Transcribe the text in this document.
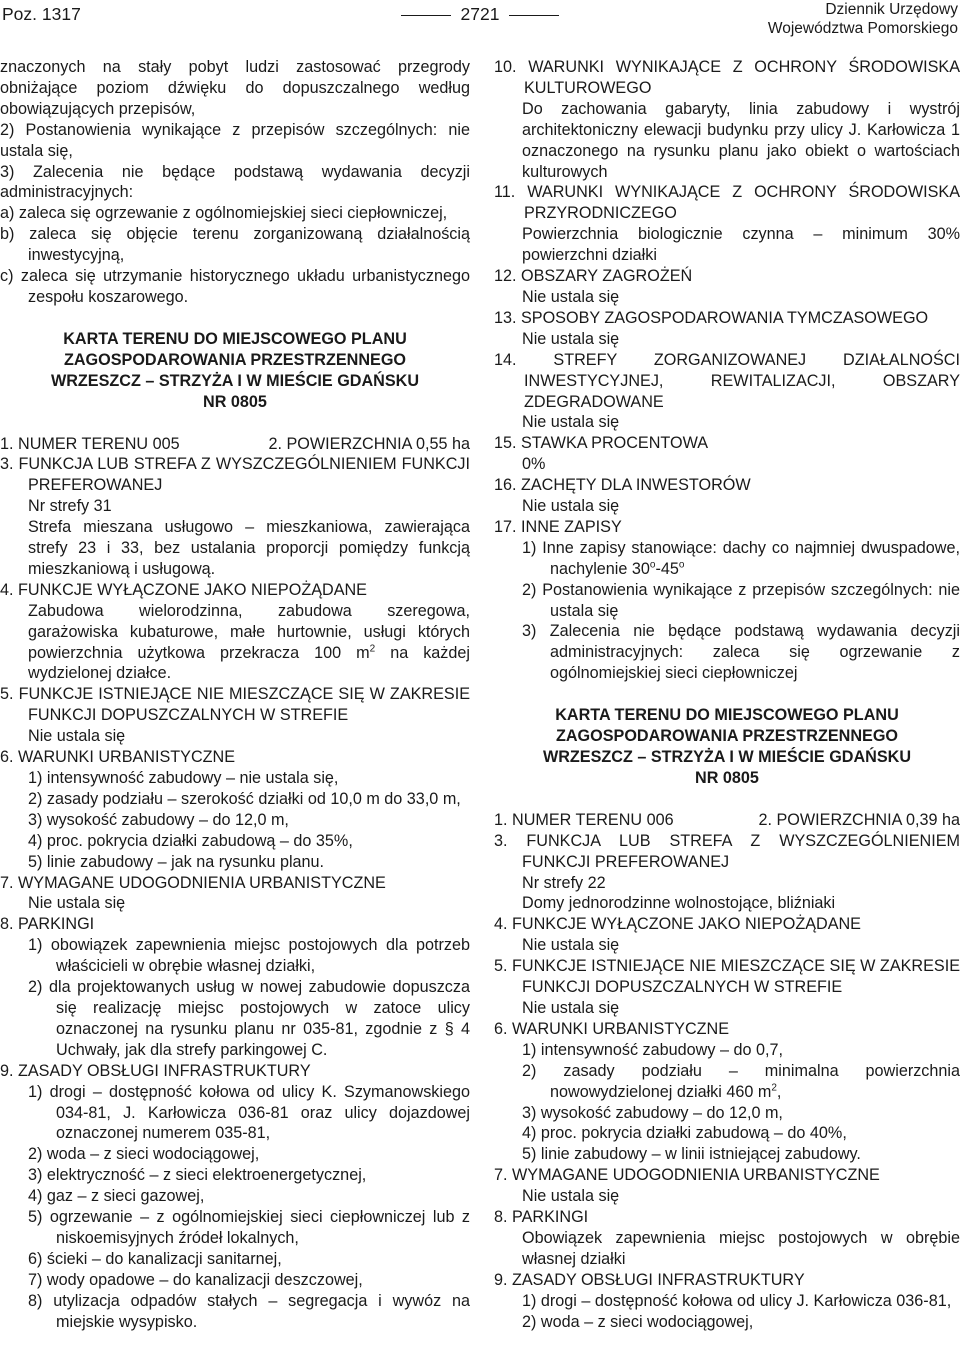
Poz. 1317	2721	Dziennik Urzędowy
Województwa Pomorskiego

znaczonych na stały pobyt ludzi zastosować przegrody obniżające poziom dźwięku do dopuszczalnego według obowiązujących przepisów,

2) Postanowienia wynikające z przepisów szczególnych: nie ustala się,

3) Zalecenia nie będące podstawą wydawania decyzji administracyjnych:

a) zaleca się ogrzewanie z ogólnomiejskiej sieci ciepłowniczej,

b) zaleca się objęcie terenu zorganizowaną działalnością inwestycyjną,

c) zaleca się utrzymanie historycznego układu urbanistycznego zespołu koszarowego.

KARTA TERENU DO MIEJSCOWEGO PLANU

ZAGOSPODAROWANIA PRZESTRZENNEGO

WRZESZCZ – STRZYŻA I W MIEŚCIE GDAŃSKU

NR 0805

1. NUMER TERENU 005	2. POWIERZCHNIA 0,55 ha

3. FUNKCJA LUB STREFA Z WYSZCZEGÓLNIENIEM FUNKCJI PREFEROWANEJ

Nr strefy 31

Strefa mieszana usługowo – mieszkaniowa, zawierająca strefy 23 i 33, bez ustalania proporcji pomiędzy funkcją mieszkaniową i usługową.

4. FUNKCJE WYŁĄCZONE JAKO NIEPOŻĄDANE

Zabudowa wielorodzinna, zabudowa szeregowa, garażowiska kubaturowe, małe hurtownie, usługi których powierzchnia użytkowa przekracza 100 $m^2$ na każdej wydzielonej działce.

5. FUNKCJE ISTNIEJĄCE NIE MIESZCZĄCE SIĘ W ZAKRESIE FUNKCJI DOPUSZCZALNYCH W STREFIE

Nie ustala się

6. WARUNKI URBANISTYCZNE

1) intensywność zabudowy – nie ustala się,

2) zasady podziału – szerokość działki od 10,0 m do 33,0 m,

3) wysokość zabudowy – do 12,0 m,

4) proc. pokrycia działki zabudową – do 35%,

5) linie zabudowy – jak na rysunku planu.

7. WYMAGANE UDOGODNIENIA URBANISTYCZNE

Nie ustala się

8. PARKINGI

1) obowiązek zapewnienia miejsc postojowych dla potrzeb właścicieli w obrębie własnej działki,

2) dla projektowanych usług w nowej zabudowie dopuszcza się realizację miejsc postojowych w zatoce ulicy oznaczonej na rysunku planu nr 035-81, zgodnie z § 4 Uchwały, jak dla strefy parkingowej C.

9. ZASADY OBSŁUGI INFRASTRUKTURY

1) drogi – dostępność kołowa od ulicy K. Szymanowskiego 034-81, J. Karłowicza 036-81 oraz ulicy dojazdowej oznaczonej numerem 035-81,

2) woda – z sieci wodociągowej,

3) elektryczność – z sieci elektroenergetycznej,

4) gaz – z sieci gazowej,

5) ogrzewanie – z ogólnomiejskiej sieci ciepłowniczej lub z niskoemisyjnych źródeł lokalnych,

6) ścieki – do kanalizacji sanitarnej,

7) wody opadowe – do kanalizacji deszczowej,

8) utylizacja odpadów stałych – segregacja i wywóz na miejskie wysypisko.

10. WARUNKI WYNIKAJĄCE Z OCHRONY ŚRODOWISKA KULTUROWEGO

Do zachowania gabaryty, linia zabudowy i wystrój architektoniczny elewacji budynku przy ulicy J. Karłowicza 1 oznaczonego na rysunku planu jako obiekt o wartościach kulturowych

11. WARUNKI WYNIKAJĄCE Z OCHRONY ŚRODOWISKA PRZYRODNICZEGO

Powierzchnia biologicznie czynna – minimum 30% powierzchni działki

12. OBSZARY ZAGROŻEŃ

Nie ustala się

13. SPOSOBY ZAGOSPODAROWANIA TYMCZASOWEGO

Nie ustala się

14. STREFY ZORGANIZOWANEJ DZIAŁALNOŚCI INWESTYCYJNEJ, REWITALIZACJI, OBSZARY ZDEGRADOWANE

Nie ustala się

15. STAWKA PROCENTOWA

0%

16. ZACHĘTY DLA INWESTORÓW

Nie ustala się

17. INNE ZAPISY

1) Inne zapisy stanowiące: dachy co najmniej dwuspadowe, nachylenie 30$^o$-45$^o$

2) Postanowienia wynikające z przepisów szczególnych: nie ustala się

3) Zalecenia nie będące podstawą wydawania decyzji administracyjnych: zaleca się ogrzewanie z ogólnomiejskiej sieci ciepłowniczej

KARTA TERENU DO MIEJSCOWEGO PLANU

ZAGOSPODAROWANIA PRZESTRZENNEGO

WRZESZCZ – STRZYŻA I W MIEŚCIE GDAŃSKU

NR 0805

1. NUMER TERENU 006	2. POWIERZCHNIA 0,39 ha

3. FUNKCJA LUB STREFA Z WYSZCZEGÓLNIENIEM FUNKCJI PREFEROWANEJ

Nr strefy 22

Domy jednorodzinne wolnostojące, bliźniaki

4. FUNKCJE WYŁĄCZONE JAKO NIEPOŻĄDANE

Nie ustala się

5. FUNKCJE ISTNIEJĄCE NIE MIESZCZĄCE SIĘ W ZAKRESIE FUNKCJI DOPUSZCZALNYCH W STREFIE

Nie ustala się

6. WARUNKI URBANISTYCZNE

1) intensywność zabudowy – do 0,7,

2) zasady podziału – minimalna powierzchnia nowowydzielonej działki 460 $m^2$,

3) wysokość zabudowy – do 12,0 m,

4) proc. pokrycia działki zabudową – do 40%,

5) linie zabudowy – w linii istniejącej zabudowy.

7. WYMAGANE UDOGODNIENIA URBANISTYCZNE

Nie ustala się

8. PARKINGI

Obowiązek zapewnienia miejsc postojowych w obrębie własnej działki

9. ZASADY OBSŁUGI INFRASTRUKTURY

1) drogi – dostępność kołowa od ulicy J. Karłowicza 036-81,

2) woda – z sieci wodociągowej,
